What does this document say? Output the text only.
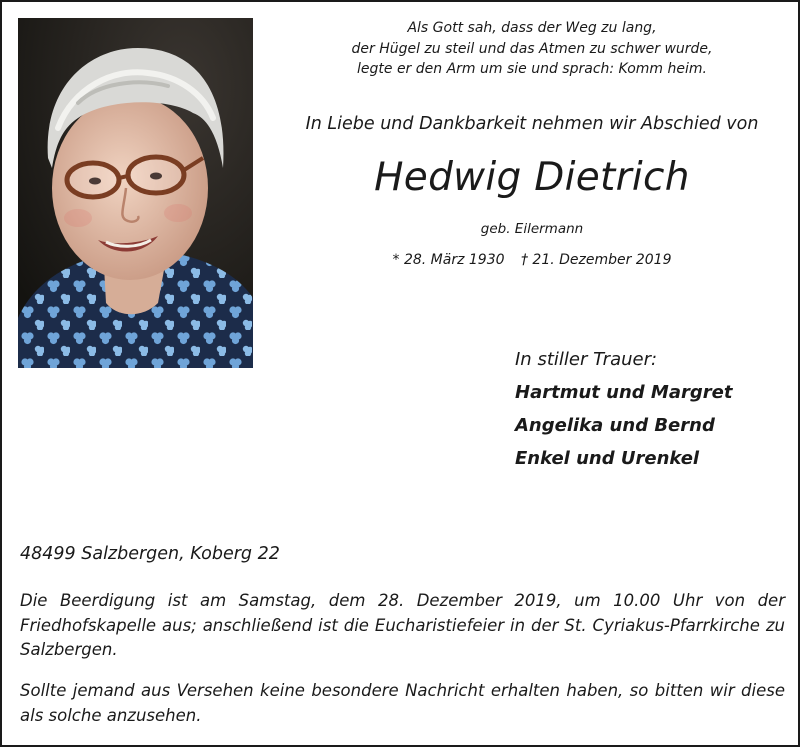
Als Gott sah, dass der Weg zu lang,
der Hügel zu steil und das Atmen zu schwer wurde,
legte er den Arm um sie und sprach: Komm heim.
In Liebe und Dankbarkeit nehmen wir Abschied von
Hedwig Dietrich
geb. Eilermann
* 28. März 1930 † 21. Dezember 2019
In stiller Trauer:
Hartmut und Margret
Angelika und Bernd
Enkel und Urenkel
48499 Salzbergen, Koberg 22
Die Beerdigung ist am Samstag, dem 28. Dezember 2019, um 10.00 Uhr von der Friedhofskapelle aus; anschließend ist die Eucharistiefeier in der St. Cyriakus-Pfarrkirche zu Salzbergen.
Sollte jemand aus Versehen keine besondere Nachricht erhalten haben, so bitten wir diese als solche anzusehen.
